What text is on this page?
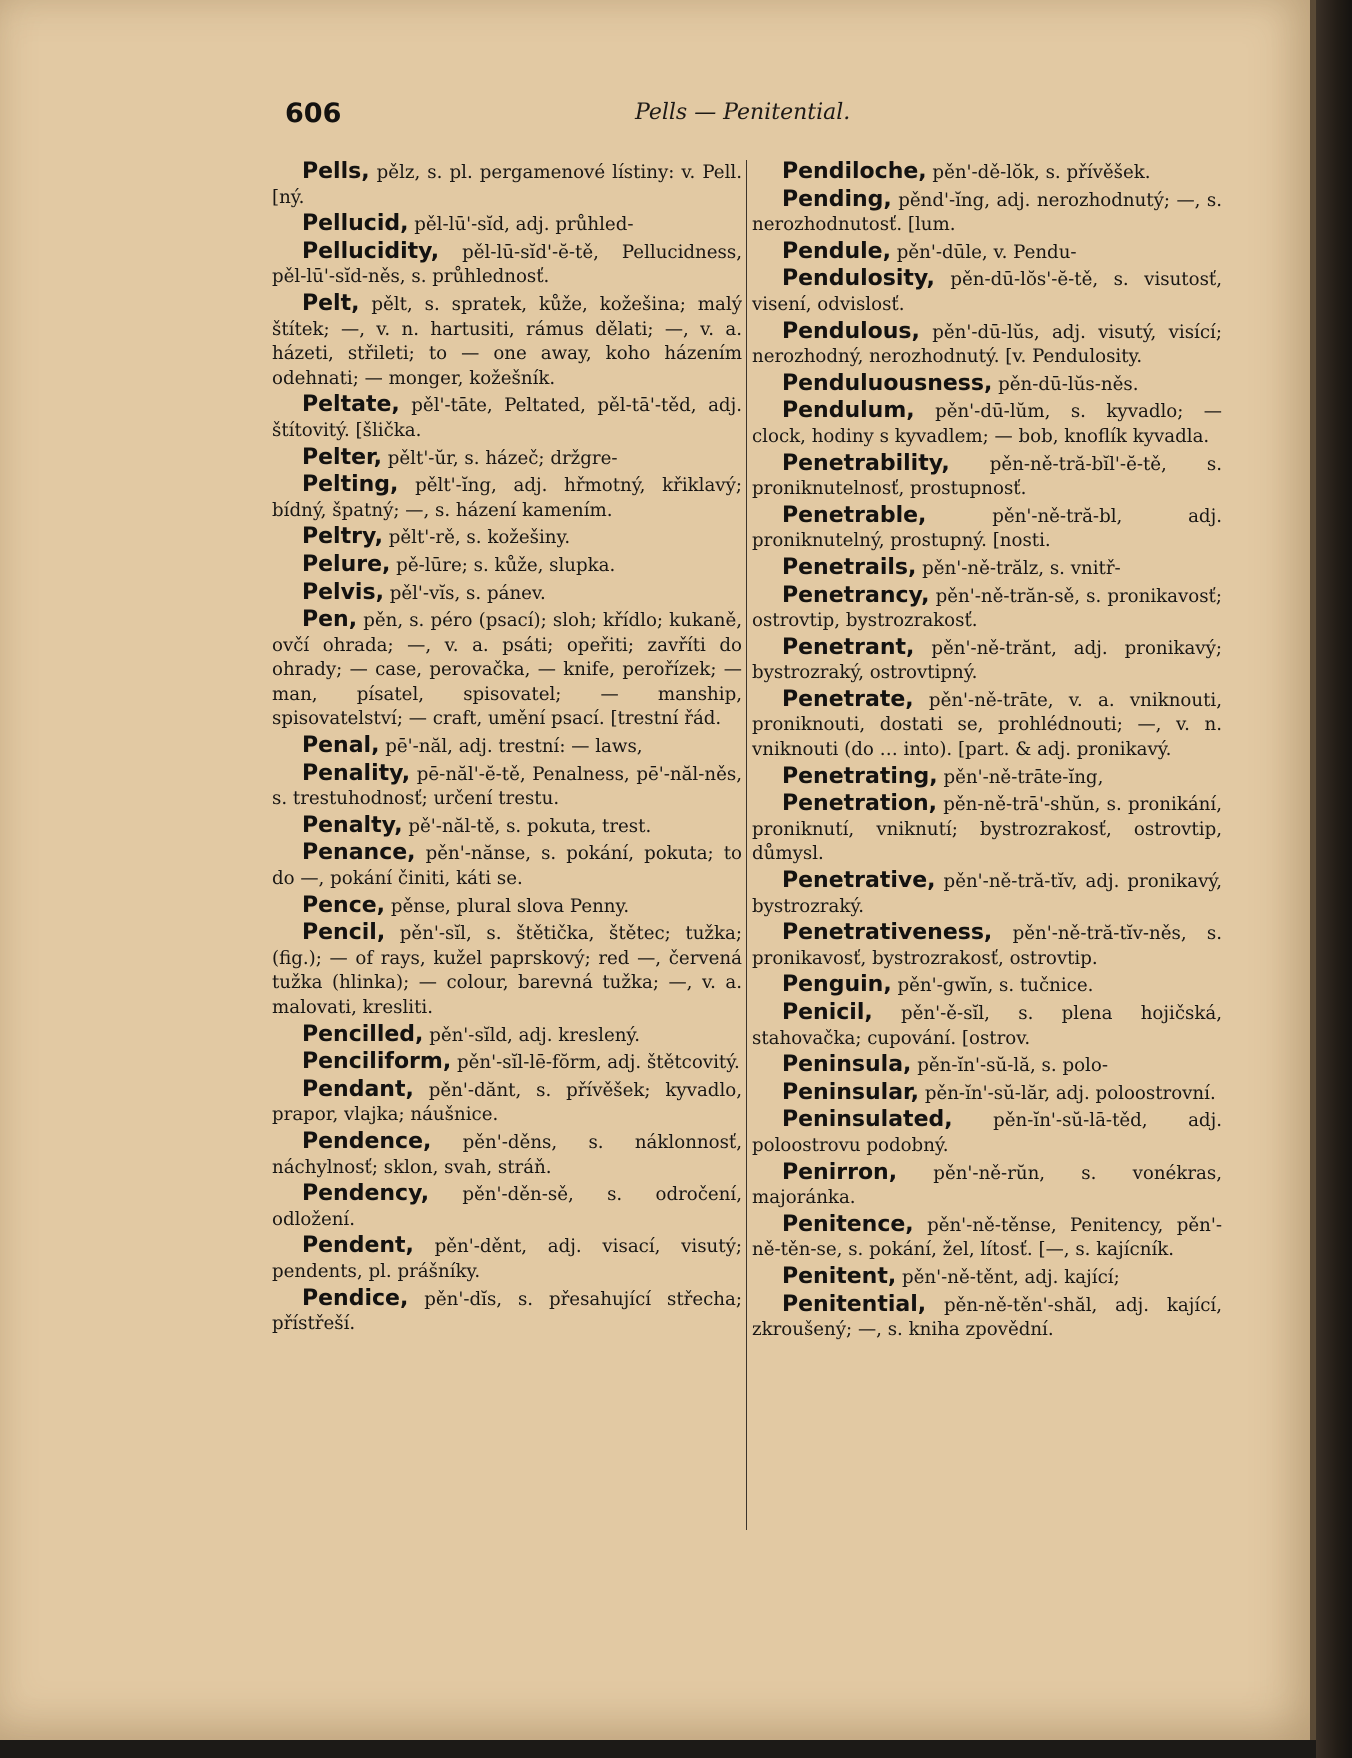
606	Pells — Penitential.
Pells, pělz, s. pl. pergamenové lístiny: v. Pell. [ný.
Pellucid, pěl-lū'-sĭd, adj. průhled-
Pellucidity, pěl-lū-sĭd'-ĕ-tě, Pellucidness, pěl-lū'-sĭd-něs, s. průhlednosť.
Pelt, pělt, s. spratek, kůže, kožešina; malý štítek; —, v. n. hartusiti, rámus dělati; —, v. a. házeti, střileti; to — one away, koho házením odehnati; — monger, kožešník.
Peltate, pěl'-tāte, Peltated, pěl-tā'-těd, adj. štítovitý. [šlička.
Pelter, pělt'-ŭr, s. házeč; držgre-
Pelting, pělt'-ĭng, adj. hřmotný, křiklavý; bídný, špatný; —, s. házení kamením.
Peltry, pělt'-rě, s. kožešiny.
Pelure, pě-lūre; s. kůže, slupka.
Pelvis, pěl'-vĭs, s. pánev.
Pen, pěn, s. péro (psací); sloh; křídlo; kukaně, ovčí ohrada; —, v. a. psáti; opeřiti; zavříti do ohrady; — case, perovačka, — knife, perořízek; — man, písatel, spisovatel; — manship, spisovatelství; — craft, umění psací. [trestní řád.
Penal, pē'-năl, adj. trestní: — laws,
Penality, pē-năl'-ĕ-tě, Penalness, pē'-năl-něs, s. trestuhodnosť; určení trestu.
Penalty, pě'-năl-tě, s. pokuta, trest.
Penance, pěn'-nănse, s. pokání, pokuta; to do —, pokání činiti, káti se.
Pence, pěnse, plural slova Penny.
Pencil, pěn'-sĭl, s. štětička, štětec; tužka; (fig.); — of rays, kužel paprskový; red —, červená tužka (hlinka); — colour, barevná tužka; —, v. a. malovati, kresliti.
Pencilled, pěn'-sĭld, adj. kreslený.
Penciliform, pěn'-sĭl-lē-fŏrm, adj. štětcovitý.
Pendant, pěn'-dănt, s. přívěšek; kyvadlo, prapor, vlajka; náušnice.
Pendence, pěn'-děns, s. náklonnosť, náchylnosť; sklon, svah, stráň.
Pendency, pěn'-děn-sě, s. odročení, odložení.
Pendent, pěn'-děnt, adj. visací, visutý; pendents, pl. prášníky.
Pendice, pěn'-dĭs, s. přesahující střecha; přístřeší.
Pendiloche, pěn'-dě-lŏk, s. přívěšek.
Pending, pěnd'-ĭng, adj. nerozhodnutý; —, s. nerozhodnutosť. [lum.
Pendule, pěn'-dūle, v. Pendu-
Pendulosity, pěn-dū-lŏs'-ĕ-tě, s. visutosť, visení, odvislosť.
Pendulous, pěn'-dū-lŭs, adj. visutý, visící; nerozhodný, nerozhodnutý. [v. Pendulosity.
Penduluousness, pěn-dū-lŭs-něs.
Pendulum, pěn'-dū-lŭm, s. kyvadlo; — clock, hodiny s kyvadlem; — bob, knoflík kyvadla.
Penetrability, pěn-ně-tră-bĭl'-ĕ-tě, s. proniknutelnosť, prostupnosť.
Penetrable, pěn'-ně-tră-bl, adj. proniknutelný, prostupný. [nosti.
Penetrails, pěn'-ně-trălz, s. vnitř-
Penetrancy, pěn'-ně-trăn-sě, s. pronikavosť; ostrovtip, bystrozrakosť.
Penetrant, pěn'-ně-trănt, adj. pronikavý; bystrozraký, ostrovtipný.
Penetrate, pěn'-ně-trāte, v. a. vniknouti, proniknouti, dostati se, prohlédnouti; —, v. n. vniknouti (do … into). [part. & adj. pronikavý.
Penetrating, pěn'-ně-trāte-ĭng,
Penetration, pěn-ně-trā'-shŭn, s. pronikání, proniknutí, vniknutí; bystrozrakosť, ostrovtip, důmysl.
Penetrative, pěn'-ně-tră-tĭv, adj. pronikavý, bystrozraký.
Penetrativeness, pěn'-ně-tră-tĭv-něs, s. pronikavosť, bystrozrakosť, ostrovtip.
Penguin, pěn'-gwĭn, s. tučnice.
Penicil, pěn'-ě-sĭl, s. plena hojičská, stahovačka; cupování. [ostrov.
Peninsula, pěn-ĭn'-sŭ-lă, s. polo-
Peninsular, pěn-ĭn'-sŭ-lăr, adj. poloostrovní.
Peninsulated, pěn-ĭn'-sŭ-lā-těd, adj. poloostrovu podobný.
Penirron, pěn'-ně-rŭn, s. vonékras, majoránka.
Penitence, pěn'-ně-těnse, Penitency, pěn'-ně-těn-se, s. pokání, žel, lítosť. [—, s. kajícník.
Penitent, pěn'-ně-těnt, adj. kající;
Penitential, pěn-ně-těn'-shăl, adj. kající, zkroušený; —, s. kniha zpovědní.
